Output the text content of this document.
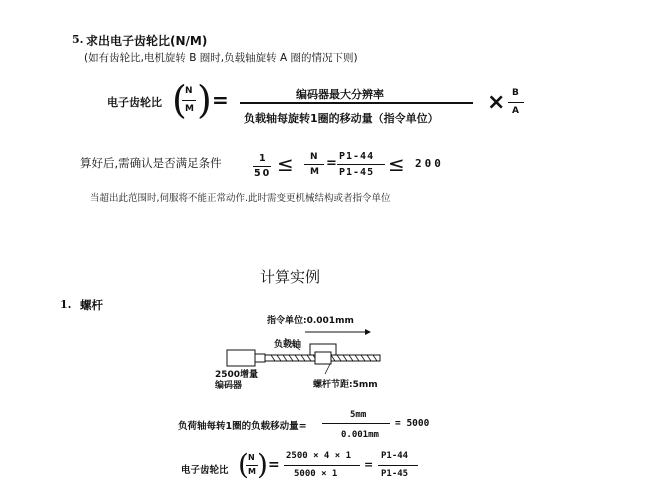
5. 求出电子齿轮比(N/M)
(如有齿轮比,电机旋转 B 圈时,负载轴旋转 A 圈的情况下则)
电子齿轮比 (
N
M ) =	编码器最大分辨率
负载轴每旋转1圈的移动量（指令单位）
× B
A
算好后,需确认是否满足条件	1
50 ≤ N
M
= P1-44
P1-45 ≤ 200
当超出此范围时,伺服将不能正常动作.此时需变更机械结构或者指令单位
计算实例
1. 螺杆
指令单位:0.001mm
负载轴
2500增量编码器	螺杆节距:5mm
负荷轴每转1圈的负载移动量=
5mm
0.001mm
= 5000
电子齿轮比 ( N
M ) =
2500 × 4 × 1
5000 × 1
=
P1-44
P1-45
